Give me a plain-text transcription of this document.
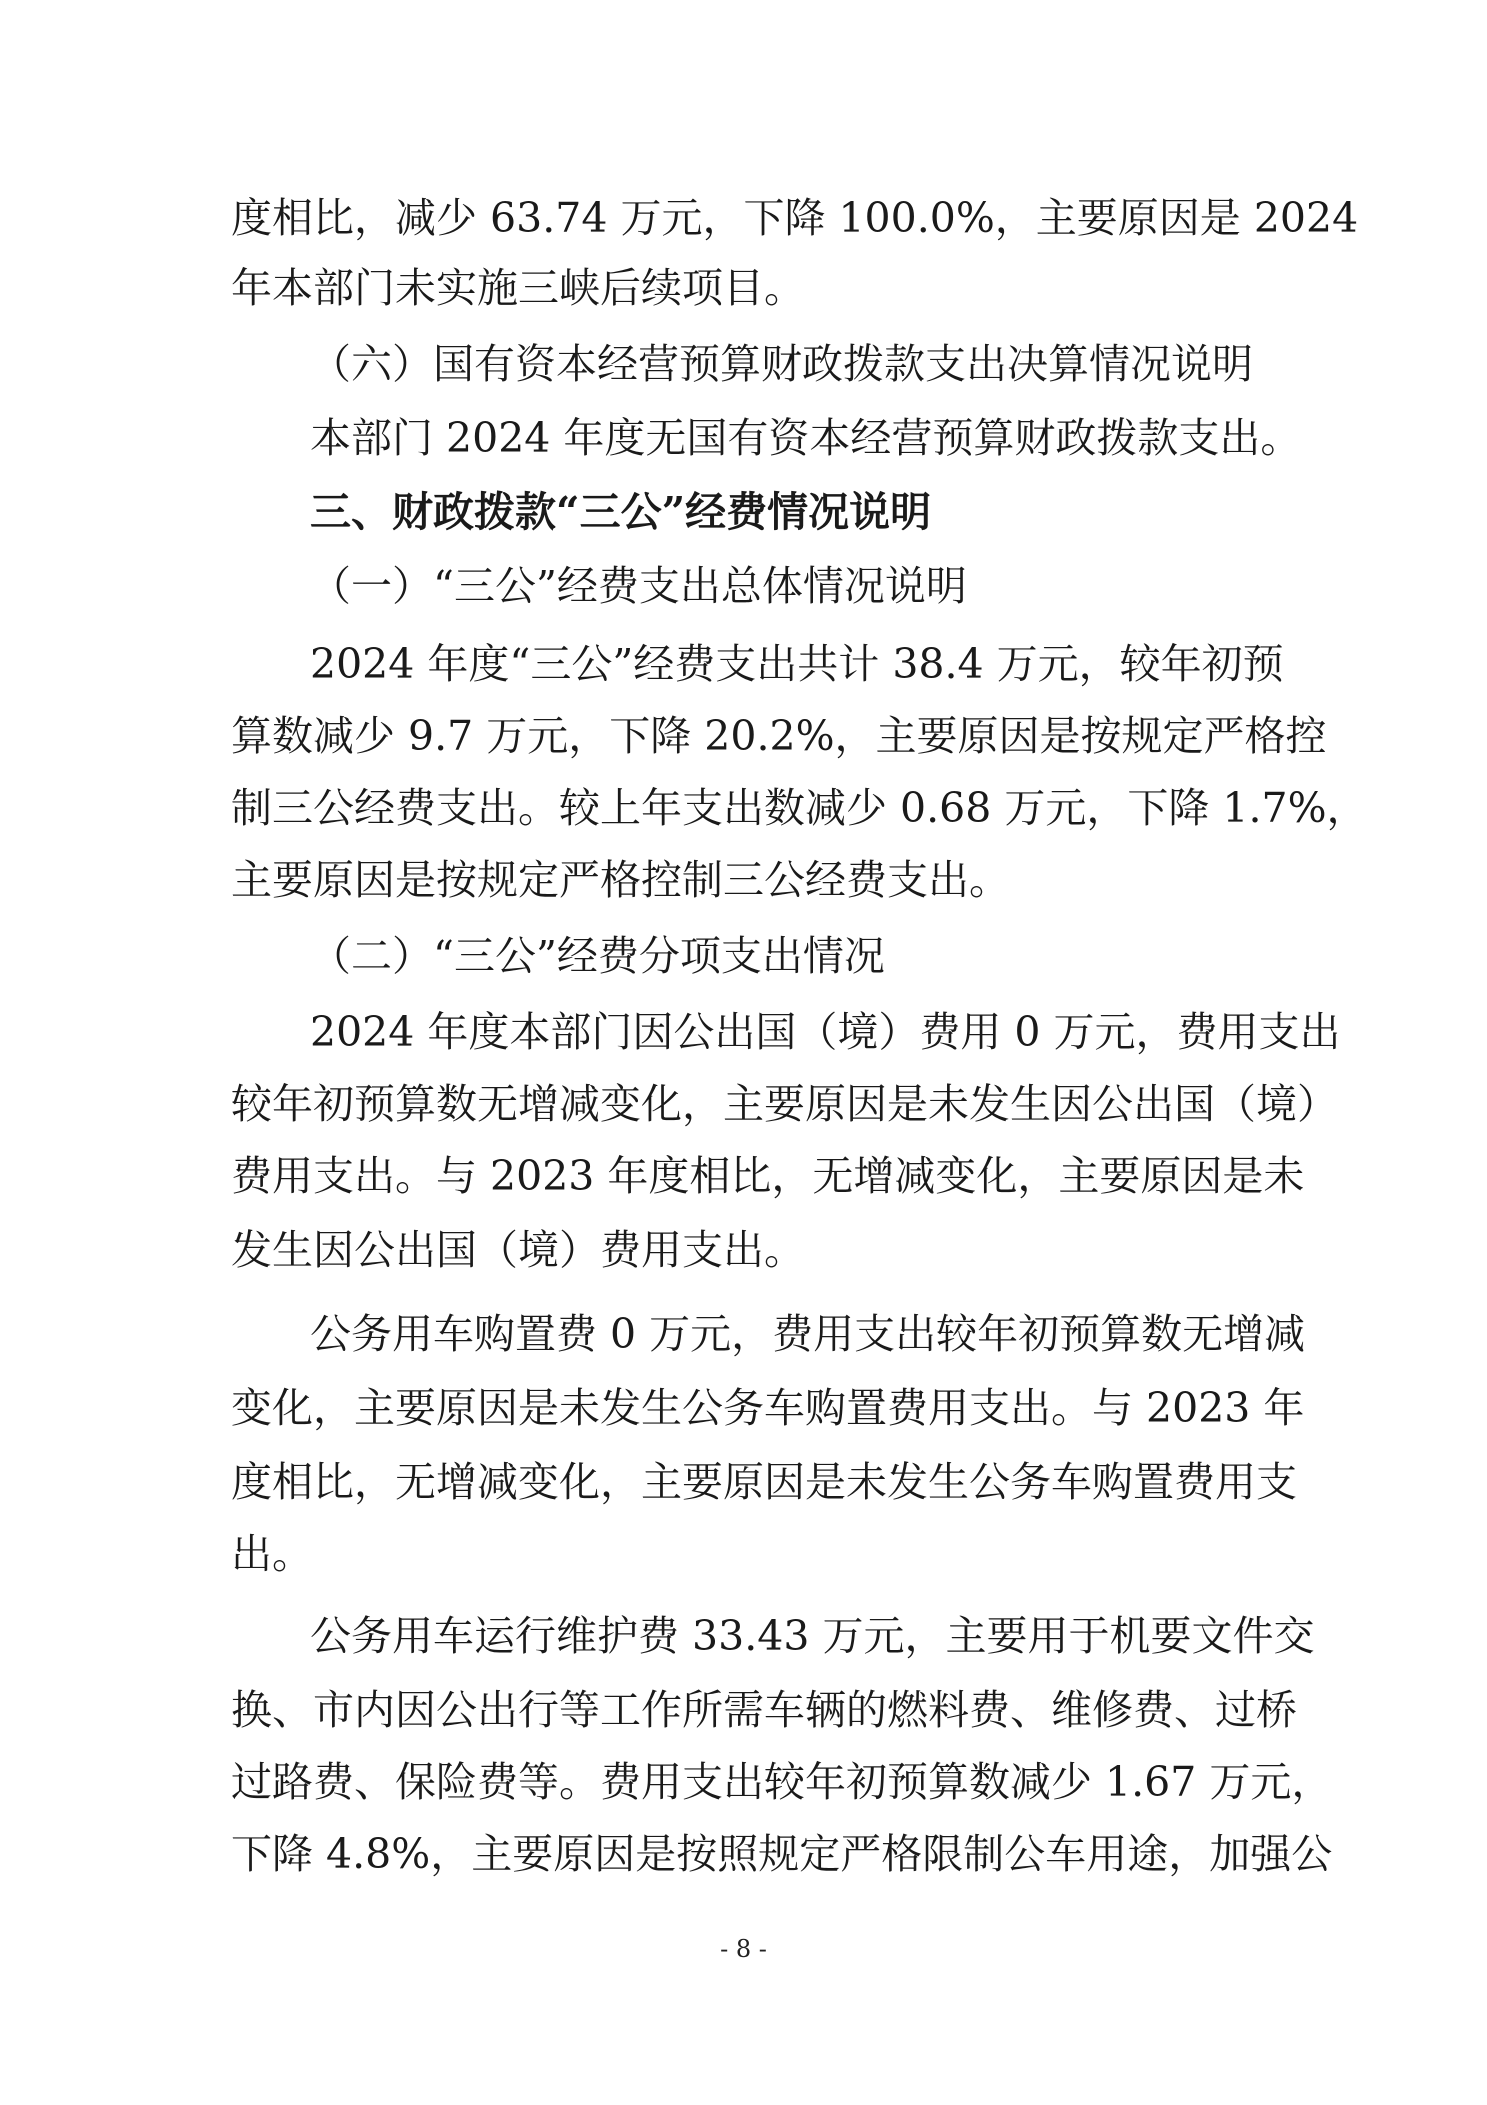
度相比，减少 63.74 万元，下降 100.0%，主要原因是 2024
年本部门未实施三峡后续项目。
（六）国有资本经营预算财政拨款支出决算情况说明
本部门 2024 年度无国有资本经营预算财政拨款支出。
三、财政拨款“三公”经费情况说明
（一）“三公”经费支出总体情况说明
2024 年度“三公”经费支出共计 38.4 万元，较年初预
算数减少 9.7 万元，下降 20.2%，主要原因是按规定严格控
制三公经费支出。较上年支出数减少 0.68 万元，下降 1.7%，
主要原因是按规定严格控制三公经费支出。
（二）“三公”经费分项支出情况
2024 年度本部门因公出国（境）费用 0 万元，费用支出
较年初预算数无增减变化，主要原因是未发生因公出国（境）
费用支出。与 2023 年度相比，无增减变化，主要原因是未
发生因公出国（境）费用支出。
公务用车购置费 0 万元，费用支出较年初预算数无增减
变化，主要原因是未发生公务车购置费用支出。与 2023 年
度相比，无增减变化，主要原因是未发生公务车购置费用支
出。
公务用车运行维护费 33.43 万元，主要用于机要文件交
换、市内因公出行等工作所需车辆的燃料费、维修费、过桥
过路费、保险费等。费用支出较年初预算数减少 1.67 万元，
下降 4.8%，主要原因是按照规定严格限制公车用途，加强公
- 8 -
